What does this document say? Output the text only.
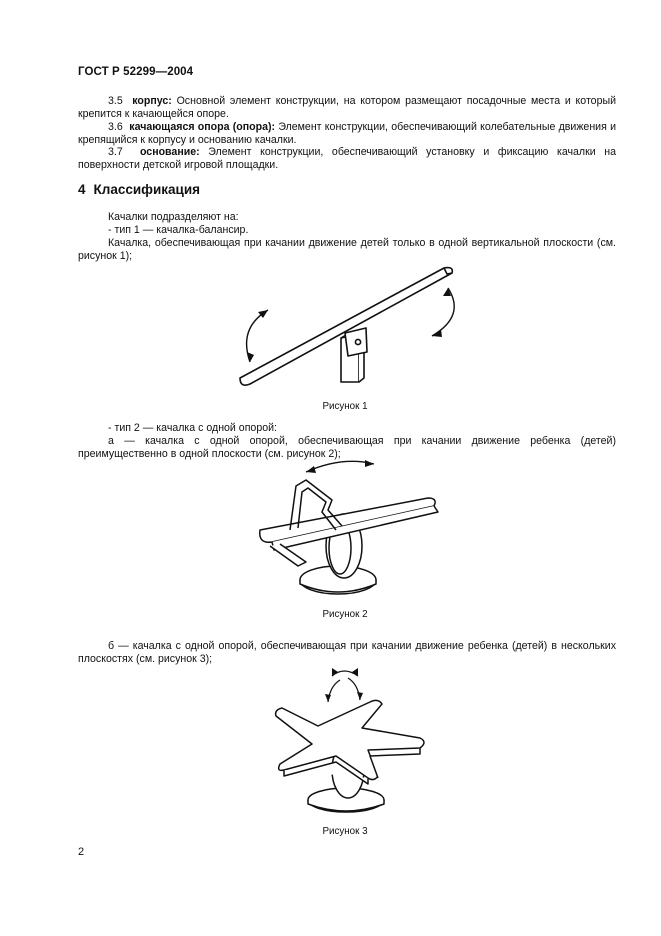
ГОСТ Р 52299—2004
3.5 корпус: Основной элемент конструкции, на котором размещают посадочные места и который крепится к качающейся опоре.
3.6 качающаяся опора (опора): Элемент конструкции, обеспечивающий колебательные движения и крепящийся к корпусу и основанию качалки.
3.7 основание: Элемент конструкции, обеспечивающий установку и фиксацию качалки на поверхности детской игровой площадки.
4 Классификация
Качалки подразделяют на:
- тип 1 — качалка-балансир.
Качалка, обеспечивающая при качании движение детей только в одной вертикальной плоскости (см. рисунок 1);
Рисунок 1
- тип 2 — качалка с одной опорой:
а — качалка с одной опорой, обеспечивающая при качании движение ребенка (детей) преимущественно в одной плоскости (см. рисунок 2);
Рисунок 2
б — качалка с одной опорой, обеспечивающая при качании движение ребенка (детей) в нескольких плоскостях (см. рисунок 3);
Рисунок 3
2
